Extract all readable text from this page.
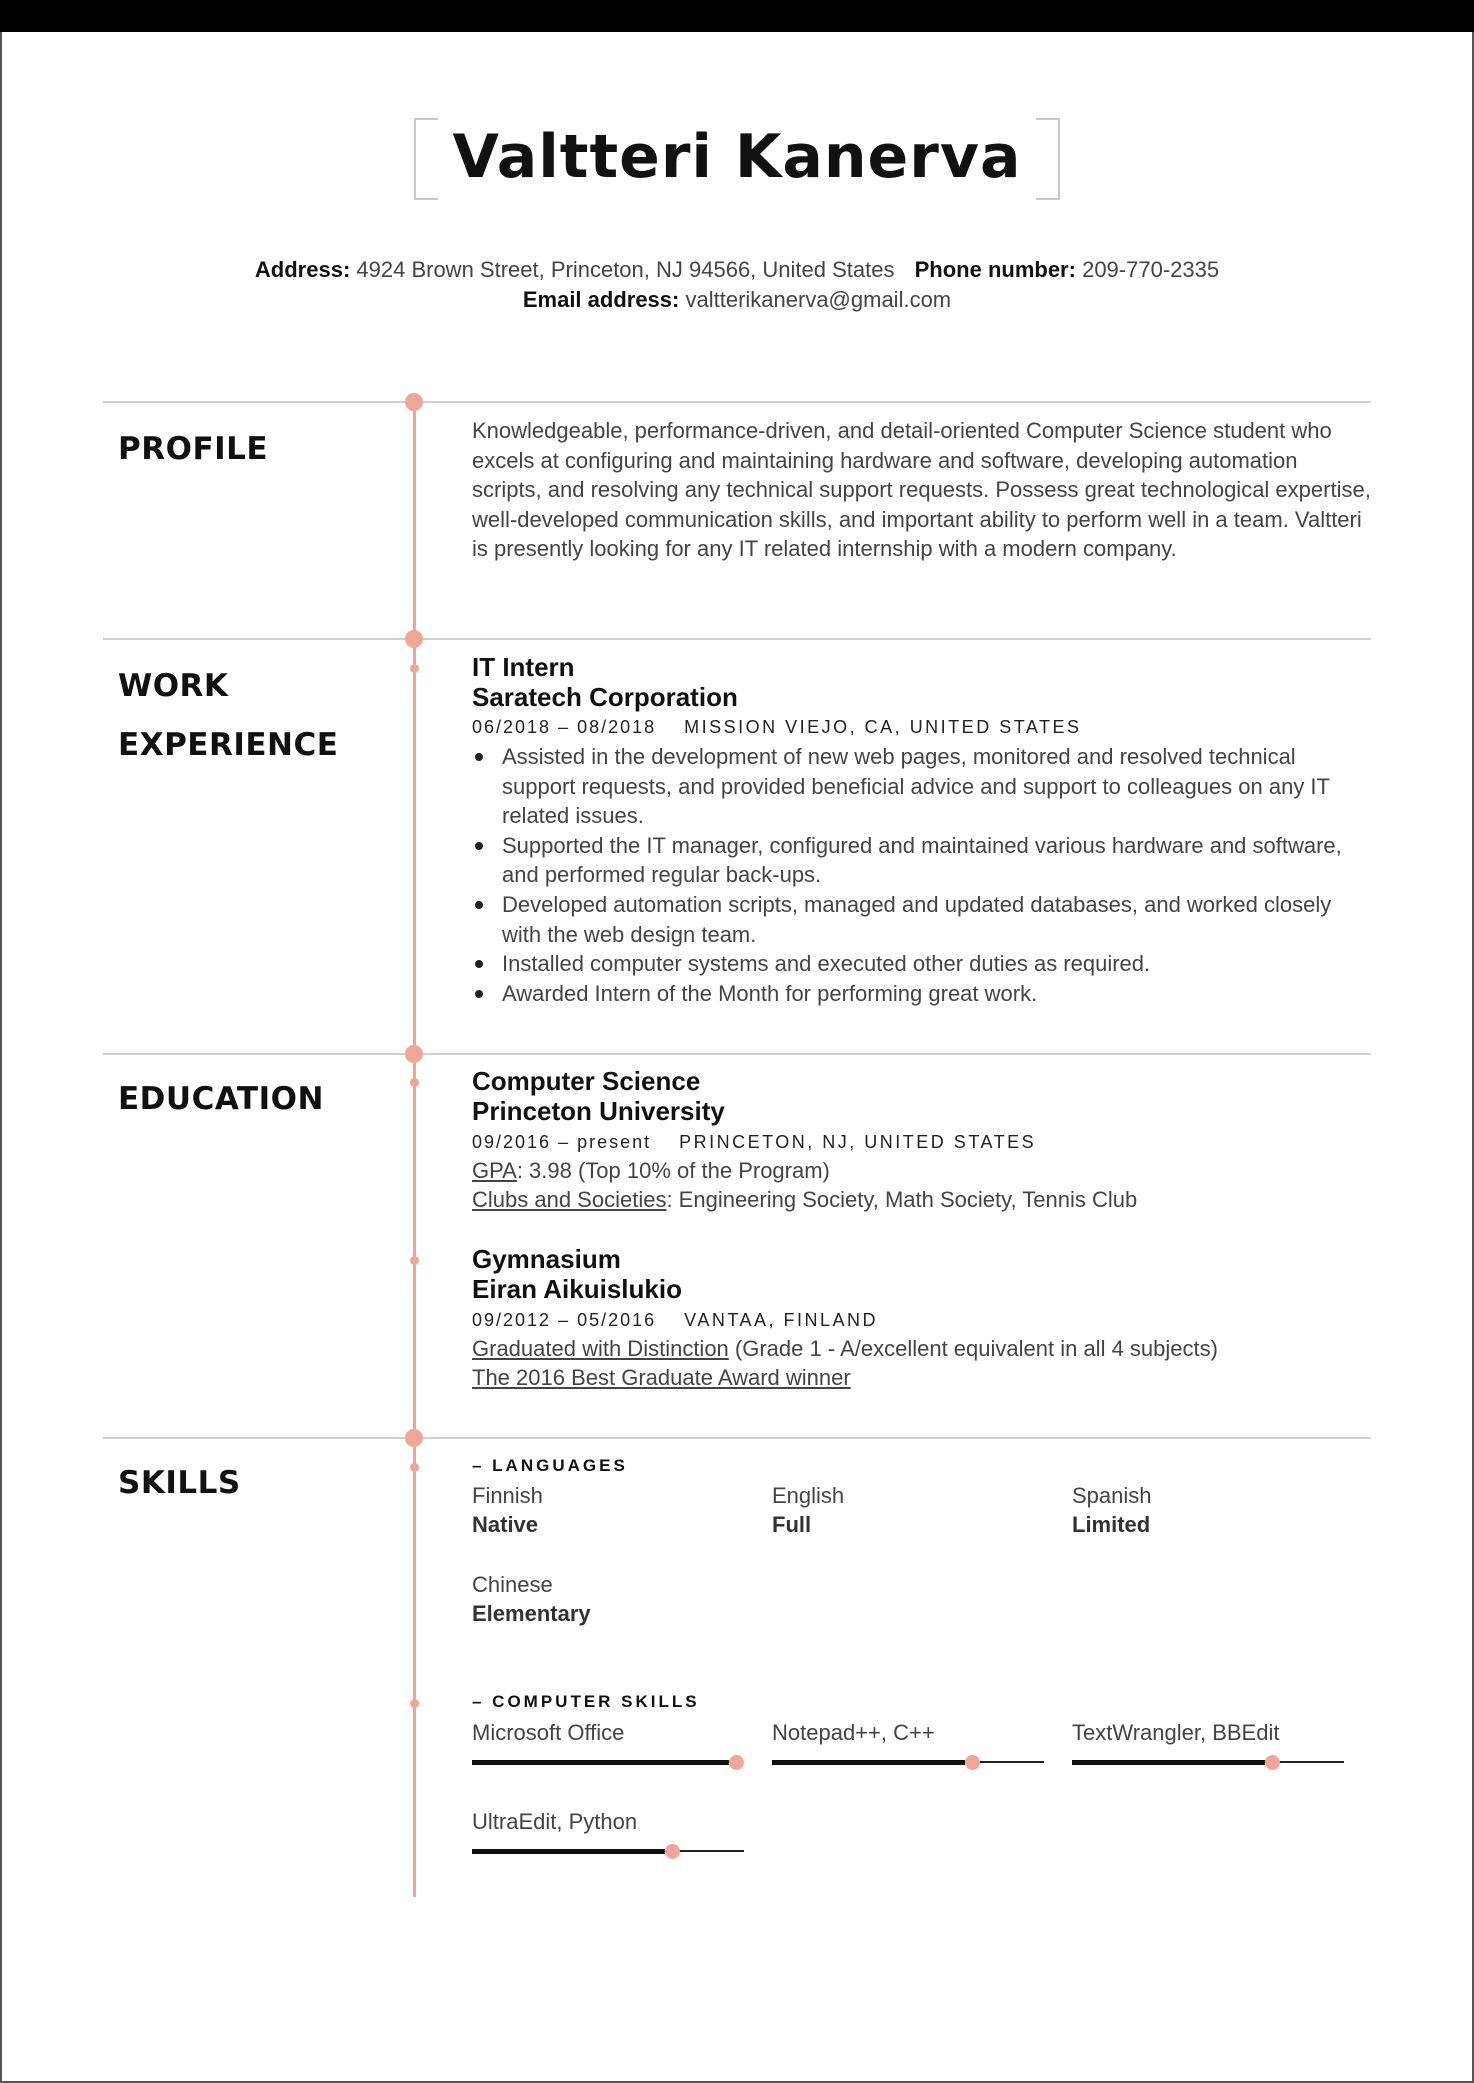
Valtteri Kanerva
Address: 4924 Brown Street, Princeton, NJ 94566, United States Phone number: 209-770-2335
Email address: valtterikanerva@gmail.com
PROFILE
Knowledgeable, performance-driven, and detail-oriented Computer Science student who excels at configuring and maintaining hardware and software, developing automation scripts, and resolving any technical support requests. Possess great technological expertise, well-developed communication skills, and important ability to perform well in a team. Valtteri is presently looking for any IT related internship with a modern company.
WORK
EXPERIENCE
IT Intern
Saratech Corporation
06/2018 – 08/2018 MISSION VIEJO, CA, UNITED STATES
Assisted in the development of new web pages, monitored and resolved technical support requests, and provided beneficial advice and support to colleagues on any IT related issues.
Supported the IT manager, configured and maintained various hardware and software, and performed regular back-ups.
Developed automation scripts, managed and updated databases, and worked closely with the web design team.
Installed computer systems and executed other duties as required.
Awarded Intern of the Month for performing great work.
EDUCATION	Computer Science
Princeton University
09/2016 – present PRINCETON, NJ, UNITED STATES
GPA: 3.98 (Top 10% of the Program)
Clubs and Societies: Engineering Society, Math Society, Tennis Club
Gymnasium
Eiran Aikuislukio
09/2012 – 05/2016 VANTAA, FINLAND
Graduated with Distinction (Grade 1 - A/excellent equivalent in all 4 subjects)
The 2016 Best Graduate Award winner
SKILLS	– LANGUAGES
Finnish
Native
English
Full
Spanish
Limited
Chinese
Elementary
– COMPUTER SKILLS
Microsoft Office	Notepad++, C++	TextWrangler, BBEdit
UltraEdit, Python
